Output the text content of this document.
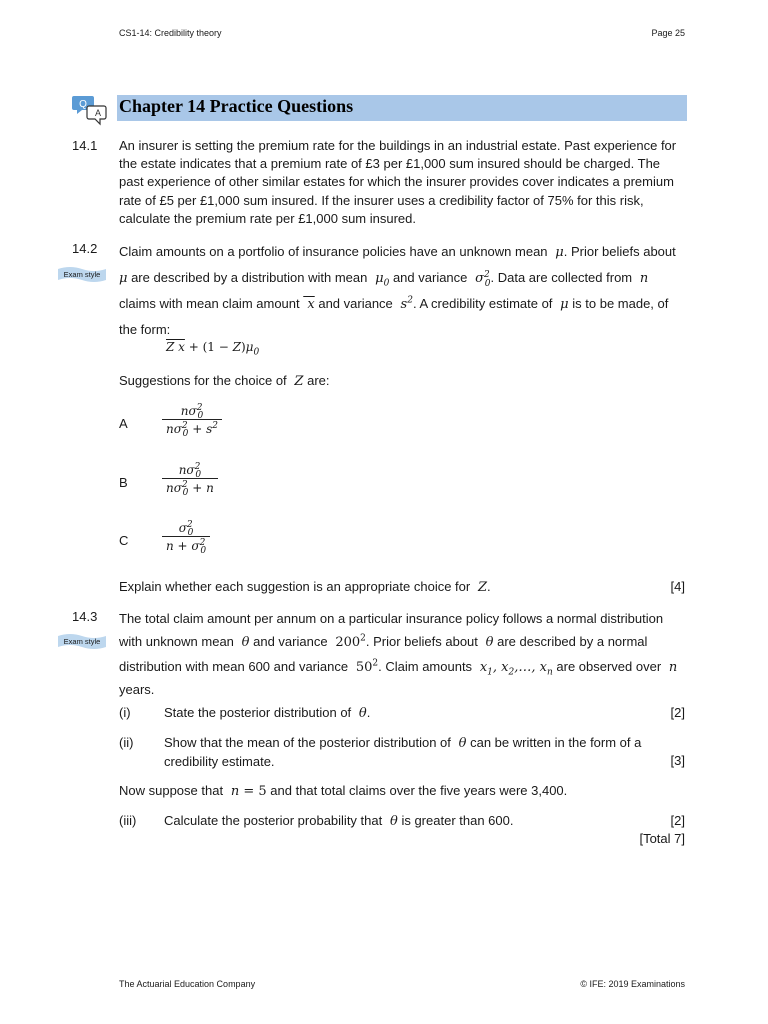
CS1-14: Credibility theory	Page 25
Q
A Chapter 14 Practice Questions
14.1 An insurer is setting the premium rate for the buildings in an industrial estate. Past experience for the estate indicates that a premium rate of £3 per £1,000 sum insured should be charged. The past experience of other similar estates for which the insurer provides cover indicates a premium rate of £5 per £1,000 sum insured. If the insurer uses a credibility factor of 75% for this risk, calculate the premium rate per £1,000 sum insured.
14.2
Exam style
Claim amounts on a portfolio of insurance policies have an unknown mean  μ. Prior beliefs about
μ are described by a distribution with mean  $\mu_0$ and variance  $\sigma^2_0$. Data are collected from  n
claims with mean claim amount  x and variance  $s^2$. A credibility estimate of  μ is to be made, of the form:
Z $x + (1 - Z)\mu_0$
Suggestions for the choice of  Z are:
A	$\frac{n\sigma^2_0}{n\sigma^2_0 + s^2}$
B	$\frac{n\sigma^2_0}{n\sigma^2_0 + n}$
C	$\frac{\sigma^2_0}{n + \sigma^2_0}$
Explain whether each suggestion is an appropriate choice for  Z.	[4]
14.3
Exam style
The total claim amount per annum on a particular insurance policy follows a normal distribution
with unknown mean  θ and variance  $200^2$. Prior beliefs about  θ are described by a normal
distribution with mean 600 and variance  $50^2$. Claim amounts  $x_1$, $x_2,\dots$, $x_n$ are observed over  n
years.
(i)	State the posterior distribution of  θ.	[2]
(ii) Show that the mean of the posterior distribution of  θ can be written in the form of a
credibility estimate.	[3]
Now suppose that  n = 5 and that total claims over the five years were 3,400.
(iii) Calculate the posterior probability that  θ is greater than 600.	[2]
[Total 7]
The Actuarial Education Company	© IFE: 2019 Examinations
